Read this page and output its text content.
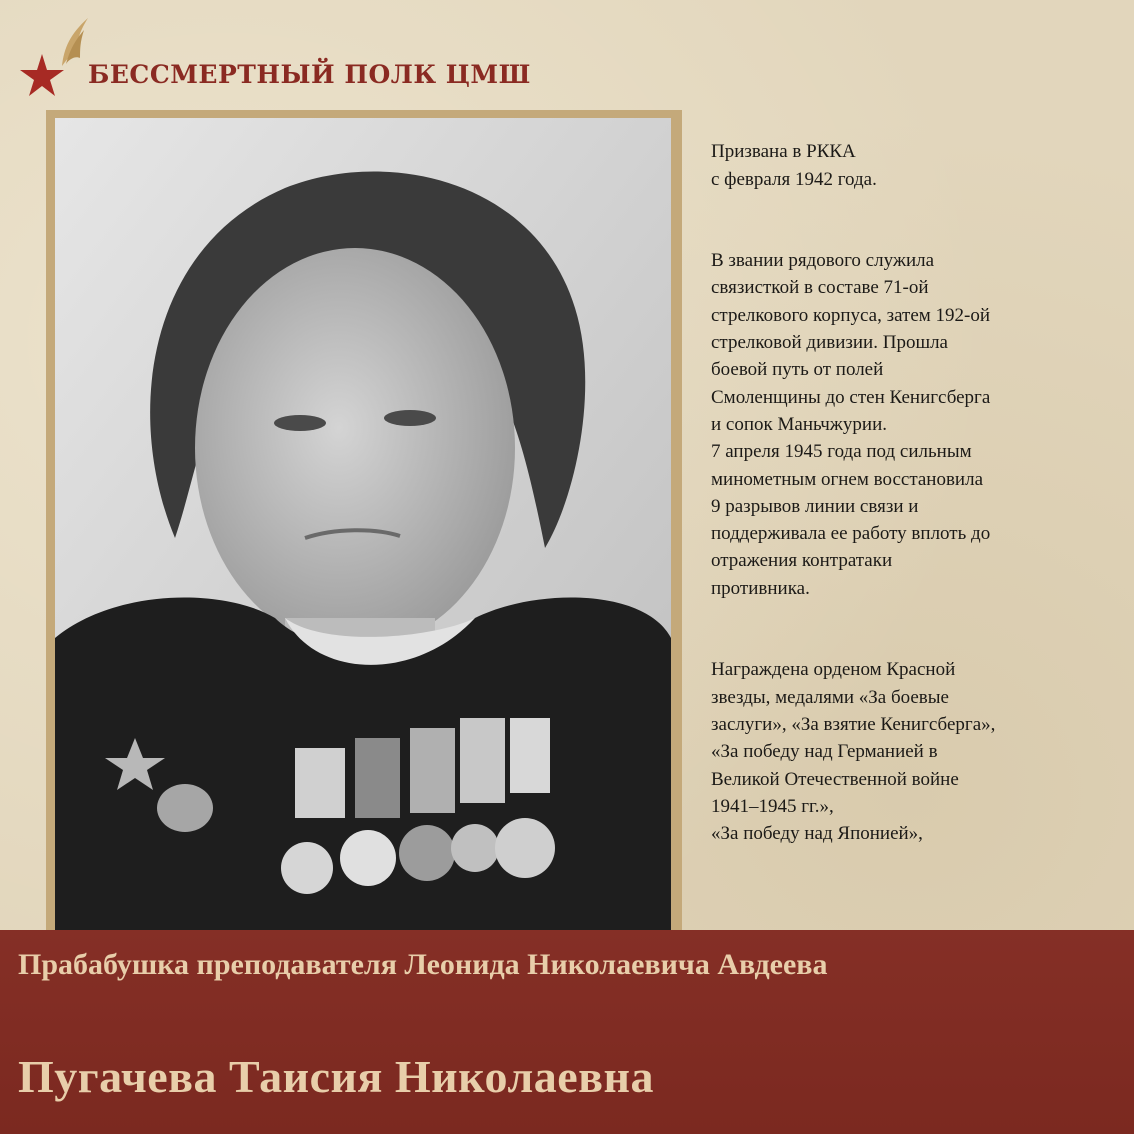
БЕССМЕРТНЫЙ ПОЛК ЦМШ

Призвана в РККА
с февраля 1942 года.

В звании рядового служила
связисткой в составе 71-ой
стрелкового корпуса, затем 192-ой
стрелковой дивизии. Прошла
боевой путь от полей
Смоленщины до стен Кенигсберга
и сопок Маньчжурии.
7 апреля 1945 года под сильным
минометным огнем восстановила
9 разрывов линии связи и
поддерживала ее работу вплоть до
отражения контратаки
противника.

Награждена орденом Красной
звезды, медалями «За боевые
заслуги», «За взятие Кенигсберга»,
«За победу над Германией в
Великой Отечественной войне
1941–1945 гг.»,
«За победу над Японией»,

Прабабушка преподавателя Леонида Николаевича Авдеева
Пугачева Таисия Николаевна
